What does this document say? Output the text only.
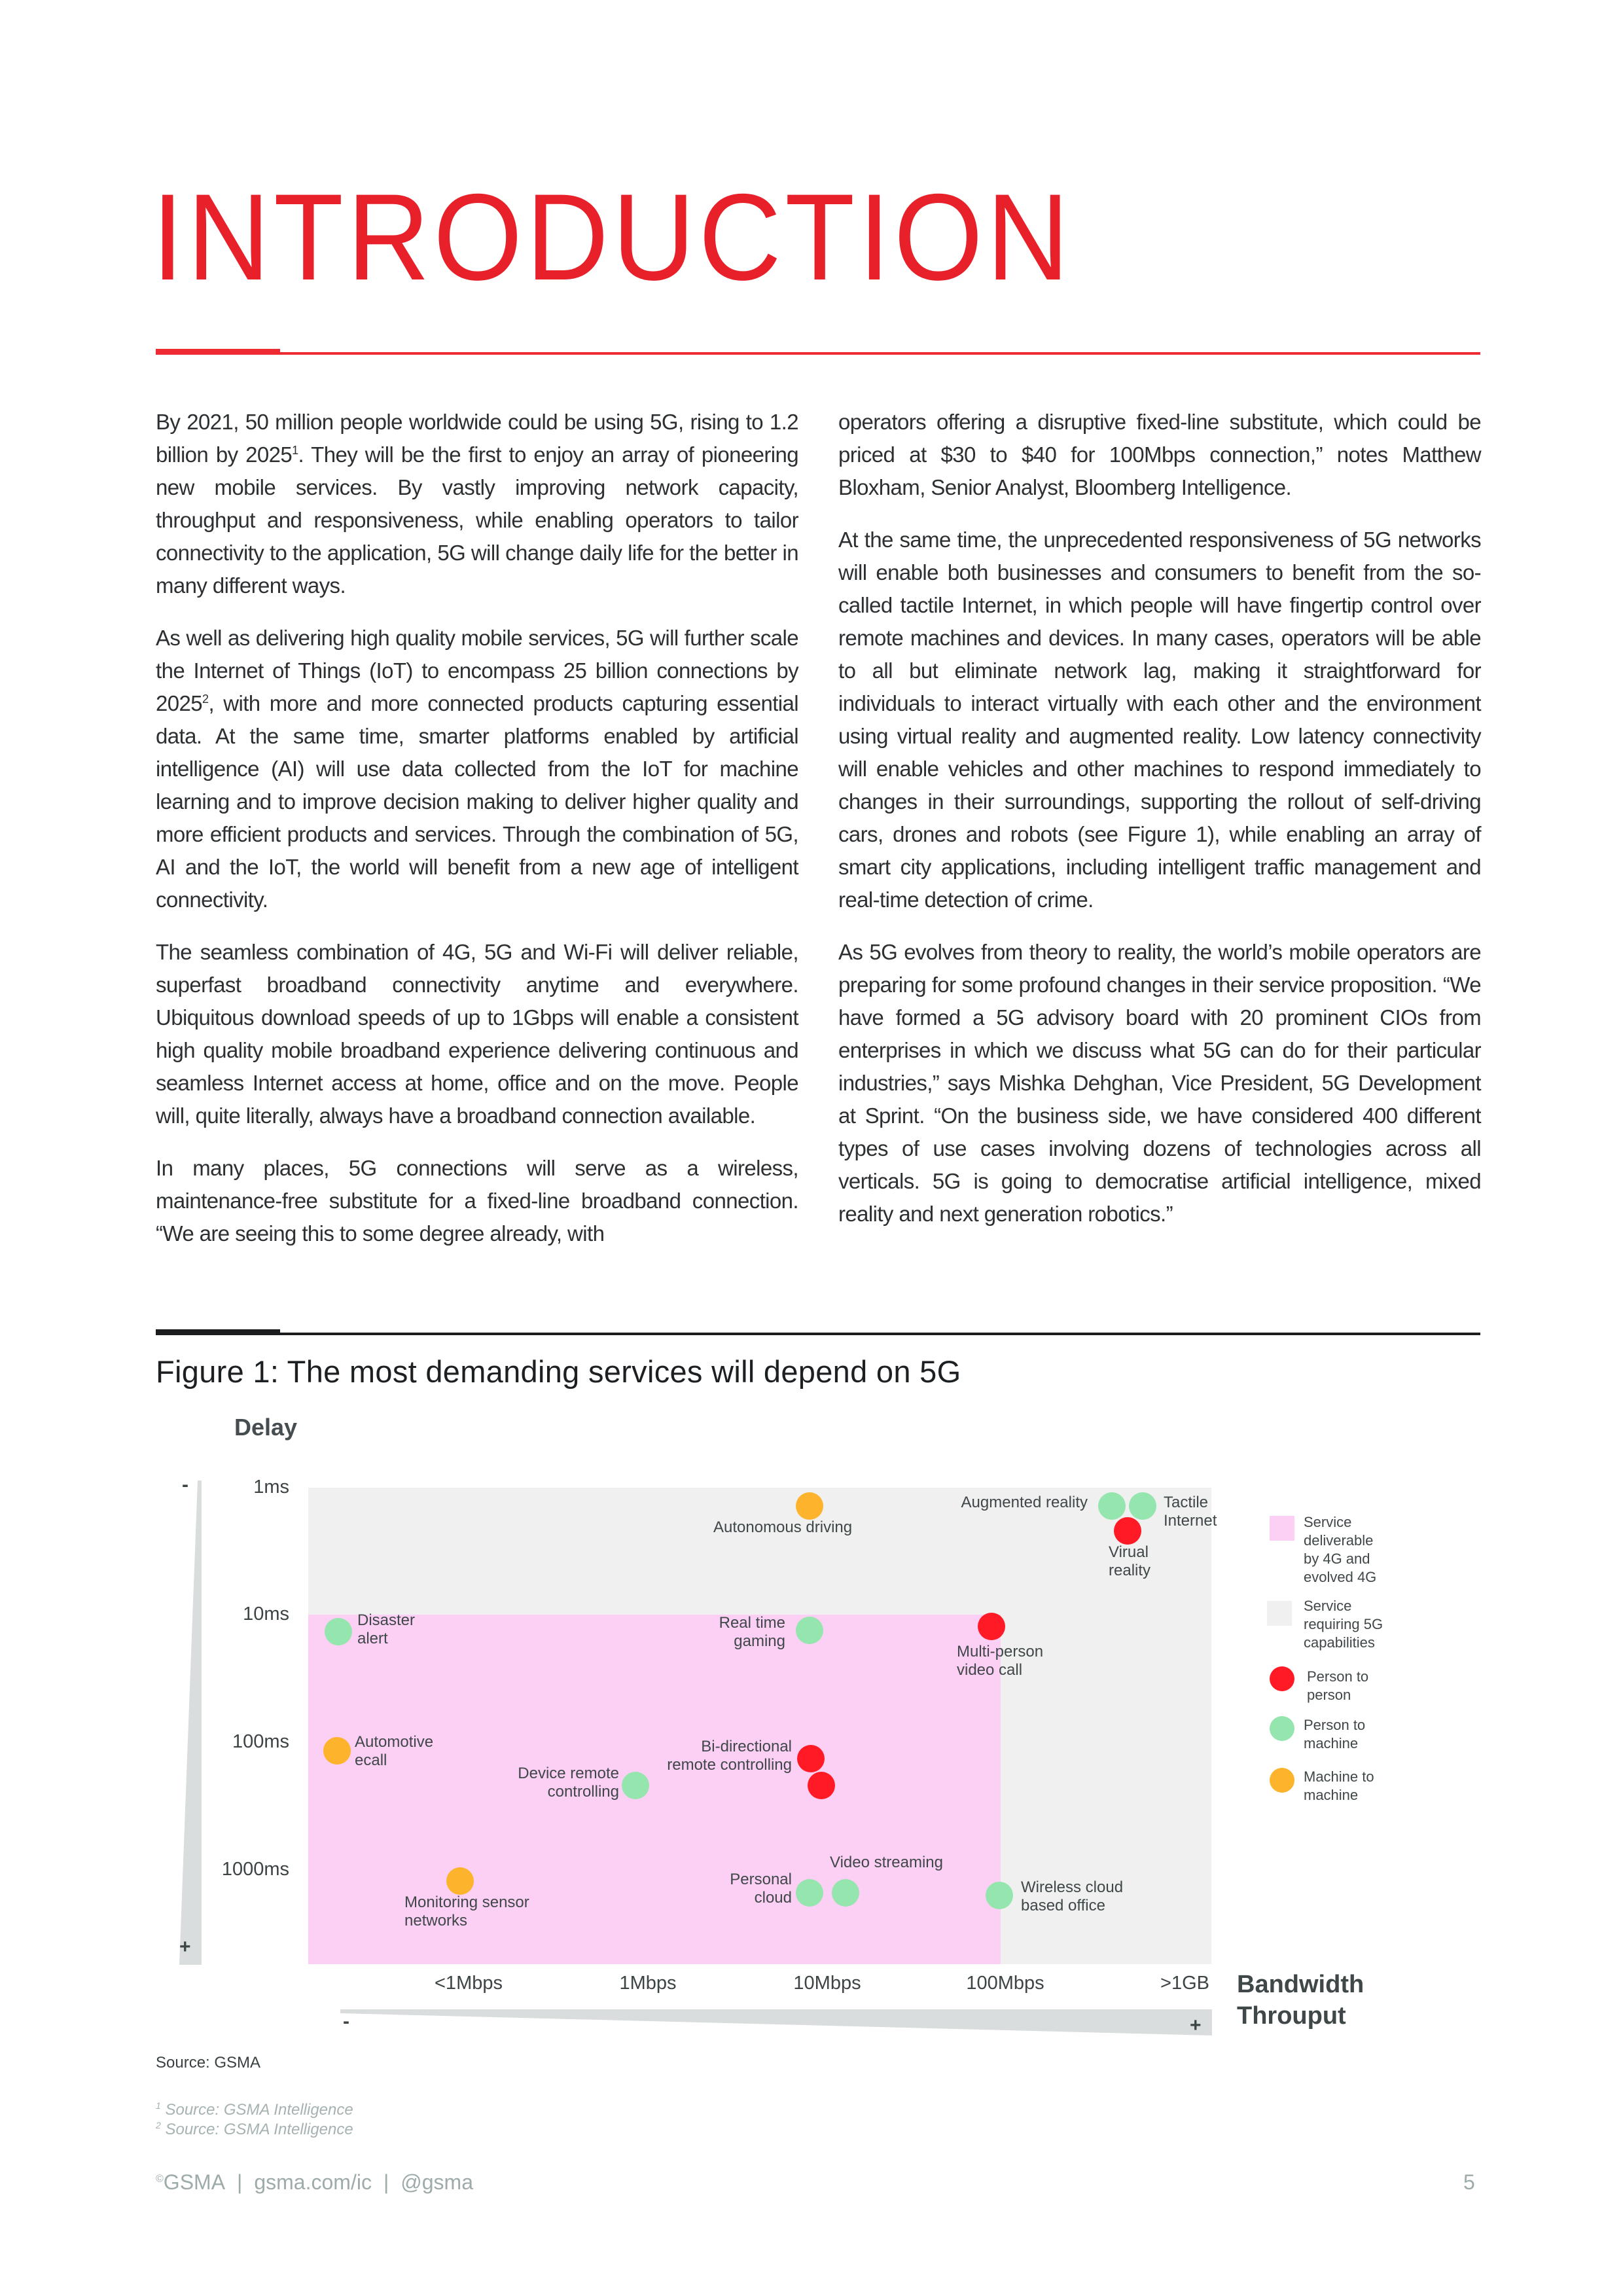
INTRODUCTION

By 2021, 50 million people worldwide could be using 5G, rising to 1.2 billion by 2025$^1$. They will be the first to enjoy an array of pioneering new mobile services. By vastly improving network capacity, throughput and responsiveness, while enabling operators to tailor connectivity to the application, 5G will change daily life for the better in many different ways.

As well as delivering high quality mobile services, 5G will further scale the Internet of Things (IoT) to encompass 25 billion connections by 2025$^2$, with more and more connected products capturing essential data. At the same time, smarter platforms enabled by artificial intelligence (AI) will use data collected from the IoT for machine learning and to improve decision making to deliver higher quality and more efficient products and services. Through the combination of 5G, AI and the IoT, the world will benefit from a new age of intelligent connectivity.

The seamless combination of 4G, 5G and Wi-Fi will deliver reliable, superfast broadband connectivity anytime and everywhere. Ubiquitous download speeds of up to 1Gbps will enable a consistent high quality mobile broadband experience delivering continuous and seamless Internet access at home, office and on the move. People will, quite literally, always have a broadband connection available.

In many places, 5G connections will serve as a wireless, maintenance-free substitute for a fixed-line broadband connection. “We are seeing this to some degree already, with

operators offering a disruptive fixed-line substitute, which could be priced at $30 to $40 for 100Mbps connection,” notes Matthew Bloxham, Senior Analyst, Bloomberg Intelligence.

At the same time, the unprecedented responsiveness of 5G networks will enable both businesses and consumers to benefit from the so-called tactile Internet, in which people will have fingertip control over remote machines and devices. In many cases, operators will be able to all but eliminate network lag, making it straightforward for individuals to interact virtually with each other and the environment using virtual reality and augmented reality. Low latency connectivity will enable vehicles and other machines to respond immediately to changes in their surroundings, supporting the rollout of self-driving cars, drones and robots (see Figure 1), while enabling an array of smart city applications, including intelligent traffic management and real-time detection of crime.

As 5G evolves from theory to reality, the world’s mobile operators are preparing for some profound changes in their service proposition. “We have formed a 5G advisory board with 20 prominent CIOs from enterprises in which we discuss what 5G can do for their particular industries,” says Mishka Dehghan, Vice President, 5G Development at Sprint. “On the business side, we have considered 400 different types of use cases involving dozens of technologies across all verticals. 5G is going to democratise artificial intelligence, mixed reality and next generation robotics.”

Figure 1: The most demanding services will depend on 5G
Delay
-
+
1ms
10ms
100ms
1000ms
Autonomous driving
Augmented reality	Tactile
Internet
Virual
reality
Disaster
alert
Real time
gaming
Multi-person
video call
Automotive
ecall
Device remote
controlling
Bi-directional
remote controlling
Monitoring sensor
networks
Personal
cloud
Video streaming
Wireless cloud
based office
<1Mbps	1Mbps	10Mbps	100Mbps	>1GB
-	+
Bandwidth
Throuput
Service
deliverable
by 4G and
evolved 4G
Service
requiring 5G
capabilities
Person to
person
Person to
machine
Machine to
machine
Source: GSMA
$^1$ Source: GSMA Intelligence
$^2$ Source: GSMA Intelligence
©GSMA | gsma.com/ic | @gsma	5
